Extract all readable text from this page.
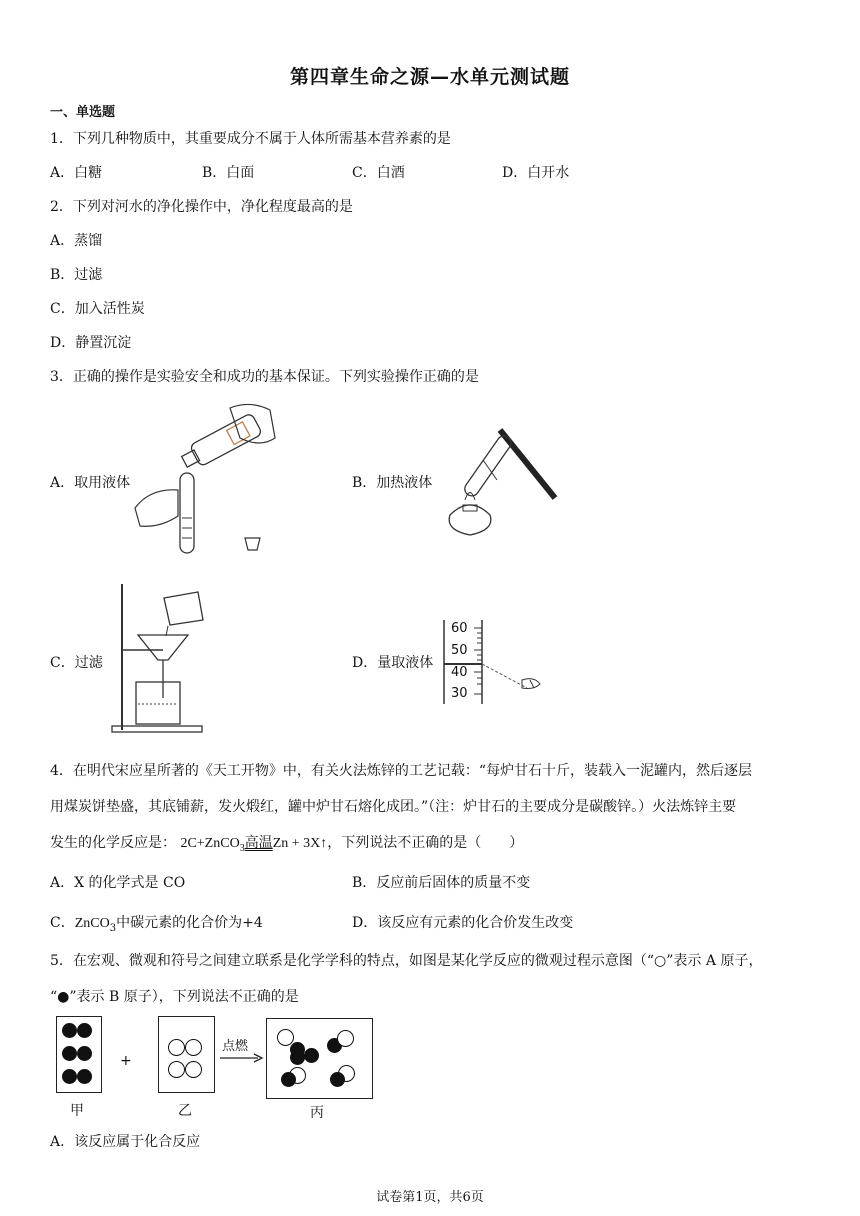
第四章生命之源—水单元测试题
一、单选题
1．下列几种物质中，其重要成分不属于人体所需基本营养素的是
A．白糖	B．白面	C．白酒	D．白开水
2．下列对河水的净化操作中，净化程度最高的是
A．蒸馏
B．过滤
C．加入活性炭
D．静置沉淀
3．正确的操作是实验安全和成功的基本保证。下列实验操作正确的是
A．取用液体	B．加热液体
C．过滤	D．量取液体
60
50
40
30
4．在明代宋应星所著的《天工开物》中，有关火法炼锌的工艺记载：“每炉甘石十斤，装载入一泥罐内，然后逐层
用煤炭饼垫盛，其底铺薪，发火煅红，罐中炉甘石熔化成团。”（注：炉甘石的主要成分是碳酸锌。）火法炼锌主要
发生的化学反应是： 2C+ZnCO$_3$高温Zn + 3X↑，下列说法不正确的是（　　）
A．X 的化学式是 CO	B．反应前后固体的质量不变
C．ZnCO$_3$中碳元素的化合价为+4	D．该反应有元素的化合价发生改变
5．在宏观、微观和符号之间建立联系是化学学科的特点，如图是某化学反应的微观过程示意图（“○”表示 A 原子，
“●”表示 B 原子），下列说法不正确的是
+
点燃
甲	乙	丙
A．该反应属于化合反应
试卷第1页，共6页
